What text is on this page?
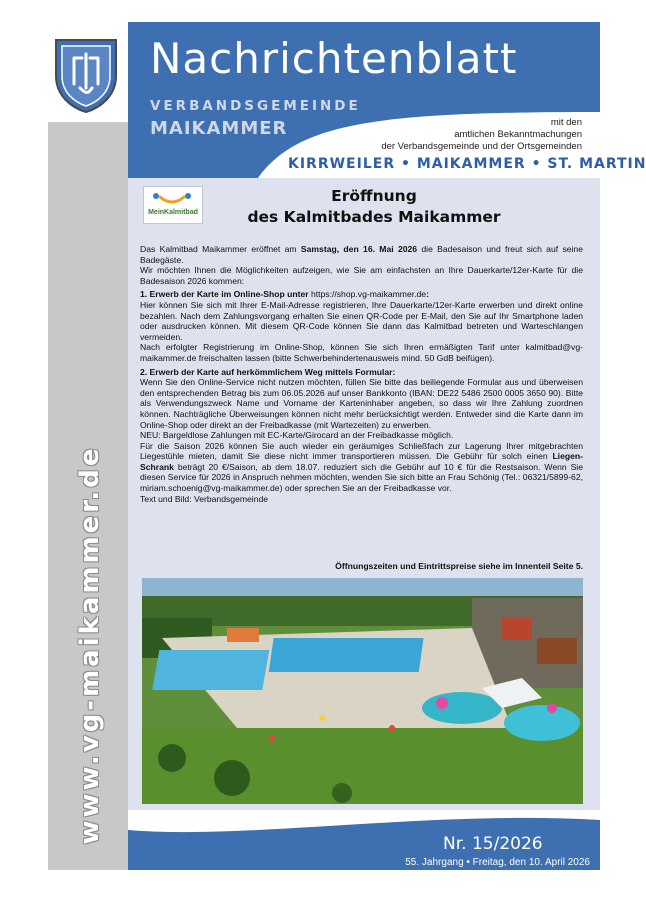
www.vg-maikammer.de
Nachrichtenblatt
VERBANDSGEMEINDE
MAIKAMMER	mit den
amtlichen Bekanntmachungen
der Verbandsgemeinde und der Ortsgemeinden
KIRRWEILER • MAIKAMMER • ST. MARTIN
MeinKalmitbad
Eröffnung
des Kalmitbades Maikammer

Das Kalmitbad Maikammer eröffnet am Samstag, den 16. Mai 2026 die Badesaison und freut sich auf seine Badegäste.

Wir möchten Ihnen die Möglichkeiten aufzeigen, wie Sie am einfachsten an Ihre Dauerkarte/12er-Karte für die Badesaison 2026 kommen:

1. Erwerb der Karte im Online-Shop unter https://shop.vg-maikammer.de:

Hier können Sie sich mit Ihrer E-Mail-Adresse registrieren, Ihre Dauerkarte/12er-Karte erwerben und direkt online bezahlen. Nach dem Zahlungsvorgang erhalten Sie einen QR-Code per E-Mail, den Sie auf Ihr Smartphone laden oder ausdrucken können. Mit diesem QR-Code können Sie dann das Kalmitbad betreten und Warteschlangen vermeiden.

Nach erfolgter Registrierung im Online-Shop, können Sie sich Ihren ermäßigten Tarif unter kalmitbad@vg-maikammer.de freischalten lassen (bitte Schwerbehindertenausweis mind. 50 GdB beifügen).

2. Erwerb der Karte auf herkömmlichem Weg mittels Formular:

Wenn Sie den Online-Service nicht nutzen möchten, füllen Sie bitte das beiliegende Formular aus und überweisen den entsprechenden Betrag bis zum 06.05.2026 auf unser Bankkonto (IBAN: DE22 5486 2500 0005 3650 90). Bitte als Verwendungszweck Name und Vorname der Karteninhaber angeben, so dass wir Ihre Zahlung zuordnen können. Nachträgliche Überweisungen können nicht mehr berücksichtigt werden. Entweder sind die Karte dann im Online-Shop oder direkt an der Freibadkasse (mit Wartezeiten) zu erwerben.

NEU: Bargeldlose Zahlungen mit EC-Karte/Girocard an der Freibadkasse möglich.

Für die Saison 2026 können Sie auch wieder ein geräumiges Schließfach zur Lagerung Ihrer mitgebrachten Liegestühle mieten, damit Sie diese nicht immer transportieren müssen. Die Gebühr für solch einen Liegen-Schrank beträgt 20 €/Saison, ab dem 18.07. reduziert sich die Gebühr auf 10 € für die Restsaison. Wenn Sie diesen Service für 2026 in Anspruch nehmen möchten, wenden Sie sich bitte an Frau Schönig (Tel.: 06321/5899-62, miriam.schoenig@vg-maikammer.de) oder sprechen Sie an der Freibadkasse vor.

Text und Bild: Verbandsgemeinde

Öffnungszeiten und Eintrittspreise siehe im Innenteil Seite 5.
Nr. 15/2026
55. Jahrgang • Freitag, den 10. April 2026
